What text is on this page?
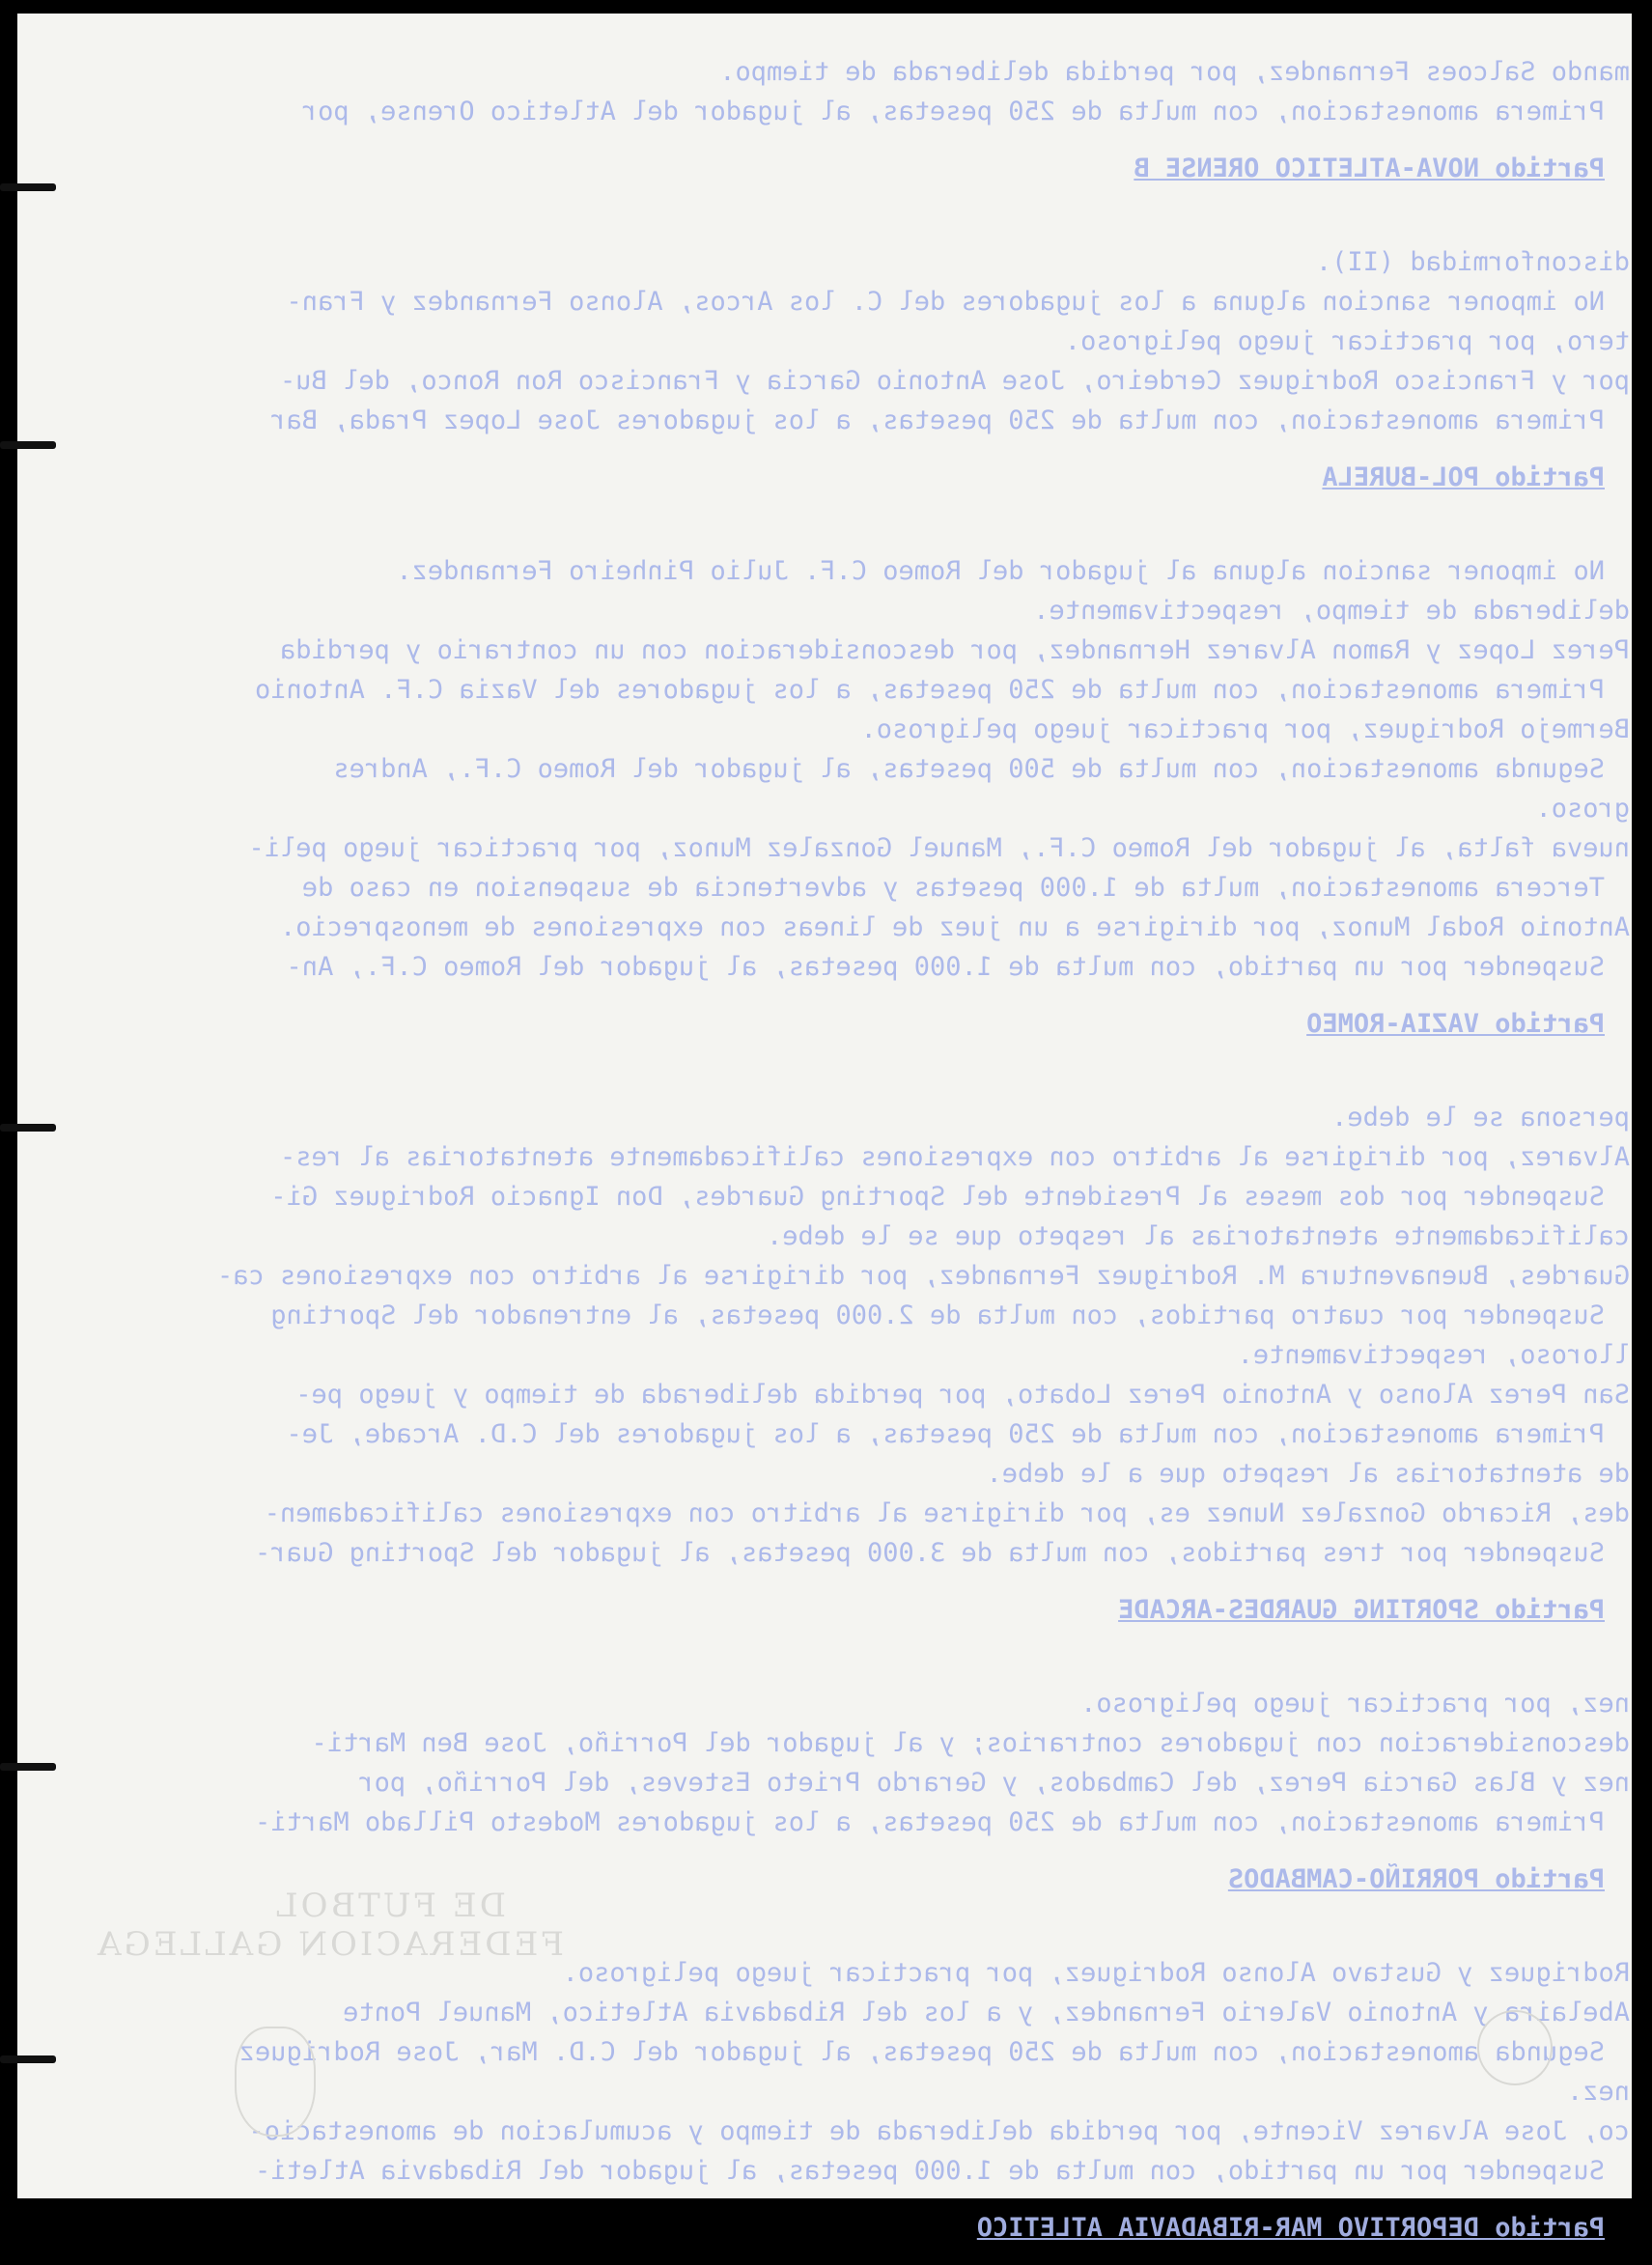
mando Salcoes Fernandez, por perdida deliberada de tiempo.
Primera amonestacion, con multa de 250 pesetas, al jugador del Atletico Orense, por
Partido NOVA-ATLETICO ORENSE B
disconformidad (II).
No imponer sancion alguna a los jugadores del C. los Arcos, Alonso Fernandez y Fran-
tero, por practicar juego peligroso.
por y Francisco Rodriguez Cerdeiro, Jose Antonio Garcia y Francisco Ron Ronco, del Bu-
Primera amonestacion, con multa de 250 pesetas, a los jugadores Jose Lopez Prada, Bar
Partido POL-BURELA
No imponer sancion alguna al jugador del Romeo C.F. Julio Pinheiro Fernandez.
deliberada de tiempo, respectivamente.
Perez Lopez y Ramon Alvarez Hernandez, por desconsideracion con un contrario y perdida
Primera amonestacion, con multa de 250 pesetas, a los jugadores del Vazia C.F. Antonio
Bermejo Rodriguez, por practicar juego peligroso.
Segunda amonestacion, con multa de 500 pesetas, al jugador del Romeo C.F., Andres
groso.
nueva falta, al jugador del Romeo C.F., Manuel Gonzalez Munoz, por practicar juego peli-
Tercera amonestacion, multa de 1.000 pesetas y advertencia de suspension en caso de
Antonio Rodal Munoz, por dirigirse a un juez de lineas con expresiones de menosprecio.
Suspender por un partido, con multa de 1.000 pesetas, al jugador del Romeo C.F., An-
Partido VAZIA-ROMEO
persona se le debe.
Alvarez, por dirigirse al arbitro con expresiones calificadamente atentatorias al res-
Suspender por dos meses al Presidente del Sporting Guardes, Don Ignacio Rodriguez Gi-
calificadamente atentatorias al respeto que se le debe.
Guardes, Buenaventura M. Rodriguez Fernandez, por dirigirse al arbitro con expresiones ca-
Suspender por cuatro partidos, con multa de 2.000 pesetas, al entrenador del Sporting
lloroso, respectivamente.
San Perez Alonso y Antonio Perez Lobato, por perdida deliberada de tiempo y juego pe-
Primera amonestacion, con multa de 250 pesetas, a los jugadores del C.D. Arcade, Je-
de atentatorias al respeto que a le debe.
des, Ricardo Gonzalez Nunez es, por dirigirse al arbitro con expresiones calificadamen-
Suspender por tres partidos, con multa de 3.000 pesetas, al jugador del Sporting Guar-
Partido SPORTING GUARDES-ARCADE
nez, por practicar juego peligroso.
desconsideracion con jugadores contrarios; y al jugador del Porriño, Jose Ben Marti-
nez y Blas Garcia Perez, del Cambados, y Gerardo Prieto Esteves, del Porriño, por
Primera amonestacion, con multa de 250 pesetas, a los jugadores Modesto Pillado Marti-
Partido PORRIÑO-CAMBADOS
Rodriguez y Gustavo Alonso Rodriguez, por practicar juego peligroso.
Abelaira y Antonio Valerio Fernandez, y a los del Ribadavia Atletico, Manuel Ponte
Segunda amonestacion, con multa de 250 pesetas, al jugador del C.D. Mar, Jose Rodriguez
nez.
co, Jose Alvarez Vicente, por perdida deliberada de tiempo y acumulacion de amonestacio-
Suspender por un partido, con multa de 1.000 pesetas, al jugador del Ribadavia Atleti-
Partido DEPORTIVO MAR-RIBADAVIA ATLETICO
DE FUTBOL
FEDERACION GALLEGA
